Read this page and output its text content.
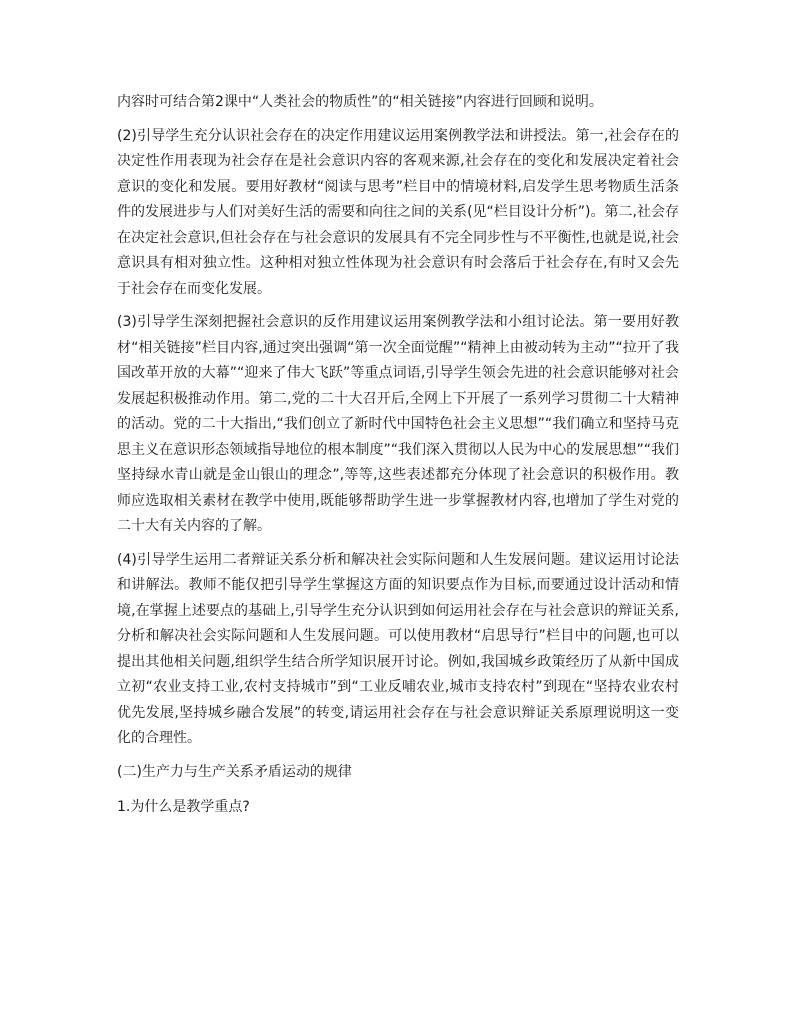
内容时可结合第2课中“人类社会的物质性”的“相关链接”内容进行回顾和说明。

(2)引导学生充分认识社会存在的决定作用建议运用案例教学法和讲授法。第一,社会存在的决定性作用表现为社会存在是社会意识内容的客观来源,社会存在的变化和发展决定着社会意识的变化和发展。要用好教材“阅读与思考”栏目中的情境材料,启发学生思考物质生活条件的发展进步与人们对美好生活的需要和向往之间的关系(见“栏目设计分析”)。第二,社会存在决定社会意识,但社会存在与社会意识的发展具有不完全同步性与不平衡性,也就是说,社会意识具有相对独立性。这种相对独立性体现为社会意识有时会落后于社会存在,有时又会先于社会存在而变化发展。

(3)引导学生深刻把握社会意识的反作用建议运用案例教学法和小组讨论法。第一要用好教材“相关链接”栏目内容,通过突出强调“第一次全面觉醒”“精神上由被动转为主动”“拉开了我国改革开放的大幕”“迎来了伟大飞跃”等重点词语,引导学生领会先进的社会意识能够对社会发展起积极推动作用。第二,党的二十大召开后,全网上下开展了一系列学习贯彻二十大精神的活动。党的二十大指出,“我们创立了新时代中国特色社会主义思想”“我们确立和坚持马克思主义在意识形态领域指导地位的根本制度”“我们深入贯彻以人民为中心的发展思想”“我们坚持绿水青山就是金山银山的理念”,等等,这些表述都充分体现了社会意识的积极作用。教师应选取相关素材在教学中使用,既能够帮助学生进一步掌握教材内容,也增加了学生对党的二十大有关内容的了解。

(4)引导学生运用二者辩证关系分析和解决社会实际问题和人生发展问题。建议运用讨论法和讲解法。教师不能仅把引导学生掌握这方面的知识要点作为目标,而要通过设计活动和情境,在掌握上述要点的基础上,引导学生充分认识到如何运用社会存在与社会意识的辩证关系,分析和解决社会实际问题和人生发展问题。可以使用教材“启思导行”栏目中的问题,也可以提出其他相关问题,组织学生结合所学知识展开讨论。例如,我国城乡政策经历了从新中国成立初“农业支持工业,农村支持城市”到“工业反哺农业,城市支持农村”到现在“坚持农业农村优先发展,坚持城乡融合发展”的转变,请运用社会存在与社会意识辩证关系原理说明这一变化的合理性。

(二)生产力与生产关系矛盾运动的规律

1.为什么是教学重点?
